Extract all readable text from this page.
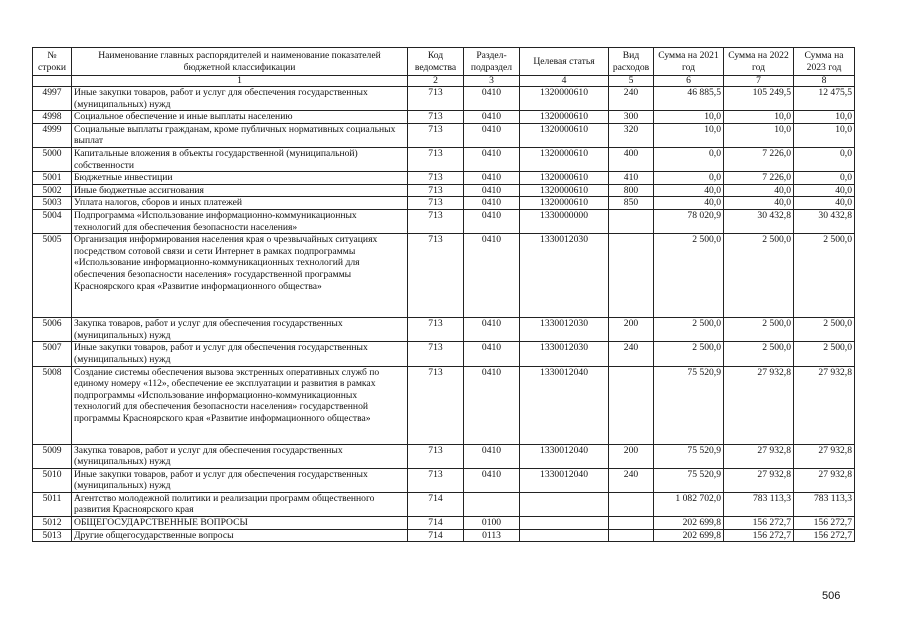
№ строки	Наименование главных распорядителей и наименование показателей бюджетной классификации	Код ведомства	Раздел-подраздел	Целевая статья	Вид расходов	Сумма на 2021 год	Сумма на 2022 год	Сумма на 2023 год
	1	2	3	4	5	6	7	8
4997	Иные закупки товаров, работ и услуг для обеспечения государственных (муниципальных) нужд	713	0410	1320000610	240	46 885,5	105 249,5	12 475,5
4998	Социальное обеспечение и иные выплаты населению	713	0410	1320000610	300	10,0	10,0	10,0
4999	Социальные выплаты гражданам, кроме публичных нормативных социальных выплат	713	0410	1320000610	320	10,0	10,0	10,0
5000	Капитальные вложения в объекты государственной (муниципальной) собственности	713	0410	1320000610	400	0,0	7 226,0	0,0
5001	Бюджетные инвестиции	713	0410	1320000610	410	0,0	7 226,0	0,0
5002	Иные бюджетные ассигнования	713	0410	1320000610	800	40,0	40,0	40,0
5003	Уплата налогов, сборов и иных платежей	713	0410	1320000610	850	40,0	40,0	40,0
5004	Подпрограмма «Использование информационно-коммуникационных технологий для обеспечения безопасности населения»	713	0410	1330000000		78 020,9	30 432,8	30 432,8
5005	Организация информирования населения края о чрезвычайных ситуациях посредством сотовой связи и сети Интернет в рамках подпрограммы «Использование информационно-коммуникационных технологий для обеспечения безопасности населения» государственной программы Красноярского края «Развитие информационного общества»	713	0410	1330012030		2 500,0	2 500,0	2 500,0
5006	Закупка товаров, работ и услуг для обеспечения государственных (муниципальных) нужд	713	0410	1330012030	200	2 500,0	2 500,0	2 500,0
5007	Иные закупки товаров, работ и услуг для обеспечения государственных (муниципальных) нужд	713	0410	1330012030	240	2 500,0	2 500,0	2 500,0
5008	Создание системы обеспечения вызова экстренных оперативных служб по единому номеру «112», обеспечение ее эксплуатации и развития в рамках подпрограммы «Использование информационно-коммуникационных технологий для обеспечения безопасности населения» государственной программы Красноярского края «Развитие информационного общества»	713	0410	1330012040		75 520,9	27 932,8	27 932,8
5009	Закупка товаров, работ и услуг для обеспечения государственных (муниципальных) нужд	713	0410	1330012040	200	75 520,9	27 932,8	27 932,8
5010	Иные закупки товаров, работ и услуг для обеспечения государственных (муниципальных) нужд	713	0410	1330012040	240	75 520,9	27 932,8	27 932,8
5011	Агентство молодежной политики и реализации программ общественного развития Красноярского края	714				1 082 702,0	783 113,3	783 113,3
5012	ОБЩЕГОСУДАРСТВЕННЫЕ ВОПРОСЫ	714	0100			202 699,8	156 272,7	156 272,7
5013	Другие общегосударственные вопросы	714	0113			202 699,8	156 272,7	156 272,7
506
